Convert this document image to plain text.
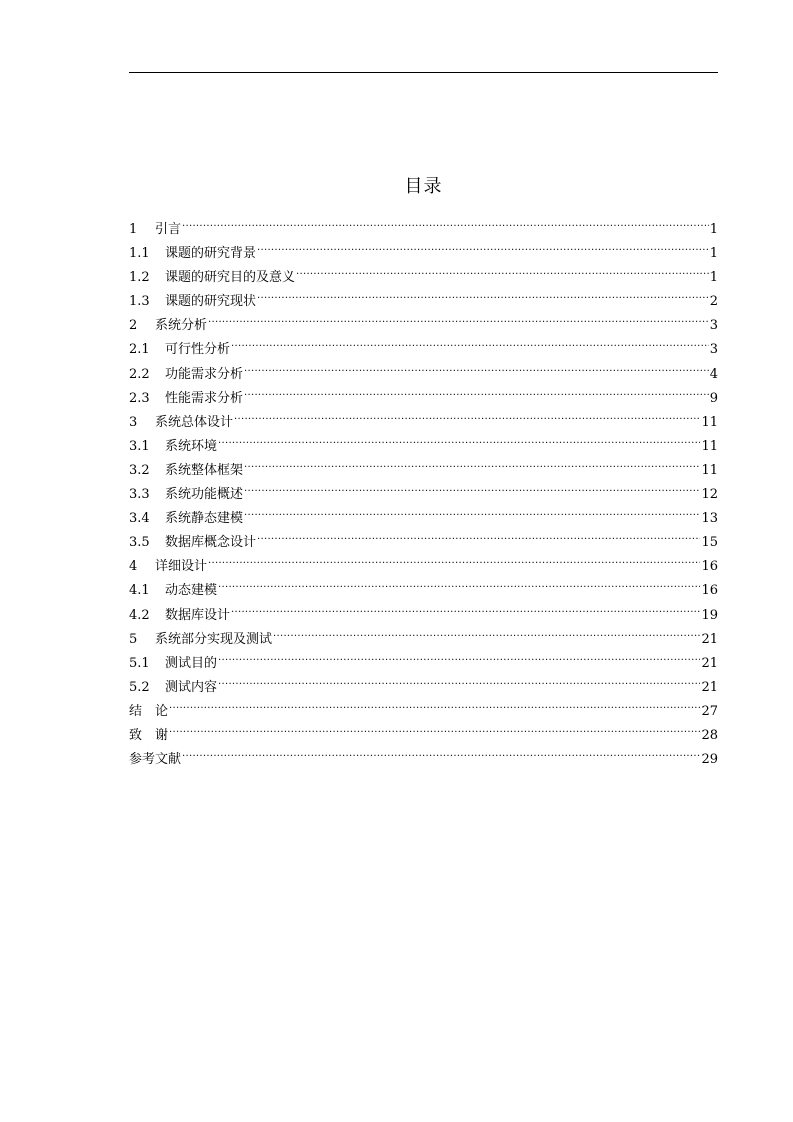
目录
1	引言 .....	1
1.1	课题的研究背景 .....	1
1.2	课题的研究目的及意义 .....	1
1.3	课题的研究现状 .....	2
2	系统分析 .....	3
2.1	可行性分析 .....	3
2.2	功能需求分析 .....	4
2.3	性能需求分析 .....	9
3	系统总体设计 .....	11
3.1	系统环境 .....	11
3.2	系统整体框架 .....	11
3.3	系统功能概述 .....	12
3.4	系统静态建模 .....	13
3.5	数据库概念设计 .....	15
4	详细设计 .....	16
4.1	动态建模 .....	16
4.2	数据库设计 .....	19
5	系统部分实现及测试 .....	21
5.1	测试目的 .....	21
5.2	测试内容 .....	21
结　论 .....	27
致　谢 .....	28
参考文献 .....	29
